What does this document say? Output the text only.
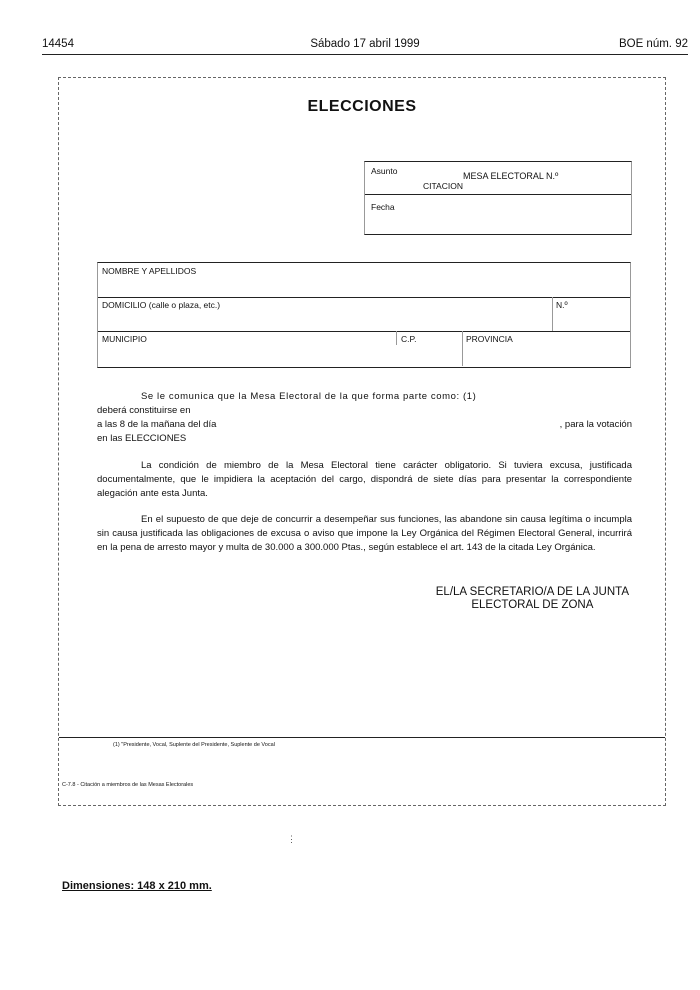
14454	Sábado 17 abril 1999	BOE núm. 92
ELECCIONES
Asunto	MESA ELECTORAL N.º
CITACION
Fecha
NOMBRE Y APELLIDOS
DOMICILIO (calle o plaza, etc.)	N.º
MUNICIPIO	C.P.	PROVINCIA
Se le comunica que la Mesa Electoral de la que forma parte como: (1)
deberá constituirse en
a las 8 de la mañana del día	, para la votación
en las ELECCIONES
La condición de miembro de la Mesa Electoral tiene carácter obligatorio. Si tuviera excusa, justificada documentalmente, que le impidiera la aceptación del cargo, dispondrá de siete días para presentar la correspondiente alegación ante esta Junta.
En el supuesto de que deje de concurrir a desempeñar sus funciones, las abandone sin causa legítima o incumpla sin causa justificada las obligaciones de excusa o aviso que impone la Ley Orgánica del Régimen Electoral General, incurrirá en la pena de arresto mayor y multa de 30.000 a 300.000 Ptas., según establece el art. 143 de la citada Ley Orgánica.
EL/LA SECRETARIO/A DE LA JUNTA
ELECTORAL DE ZONA
(1) "Presidente, Vocal, Suplente del Presidente, Suplente de Vocal
C-7.8 - Citación a miembros de las Mesas Electorales
⋮
Dimensiones: 148 x 210 mm.
